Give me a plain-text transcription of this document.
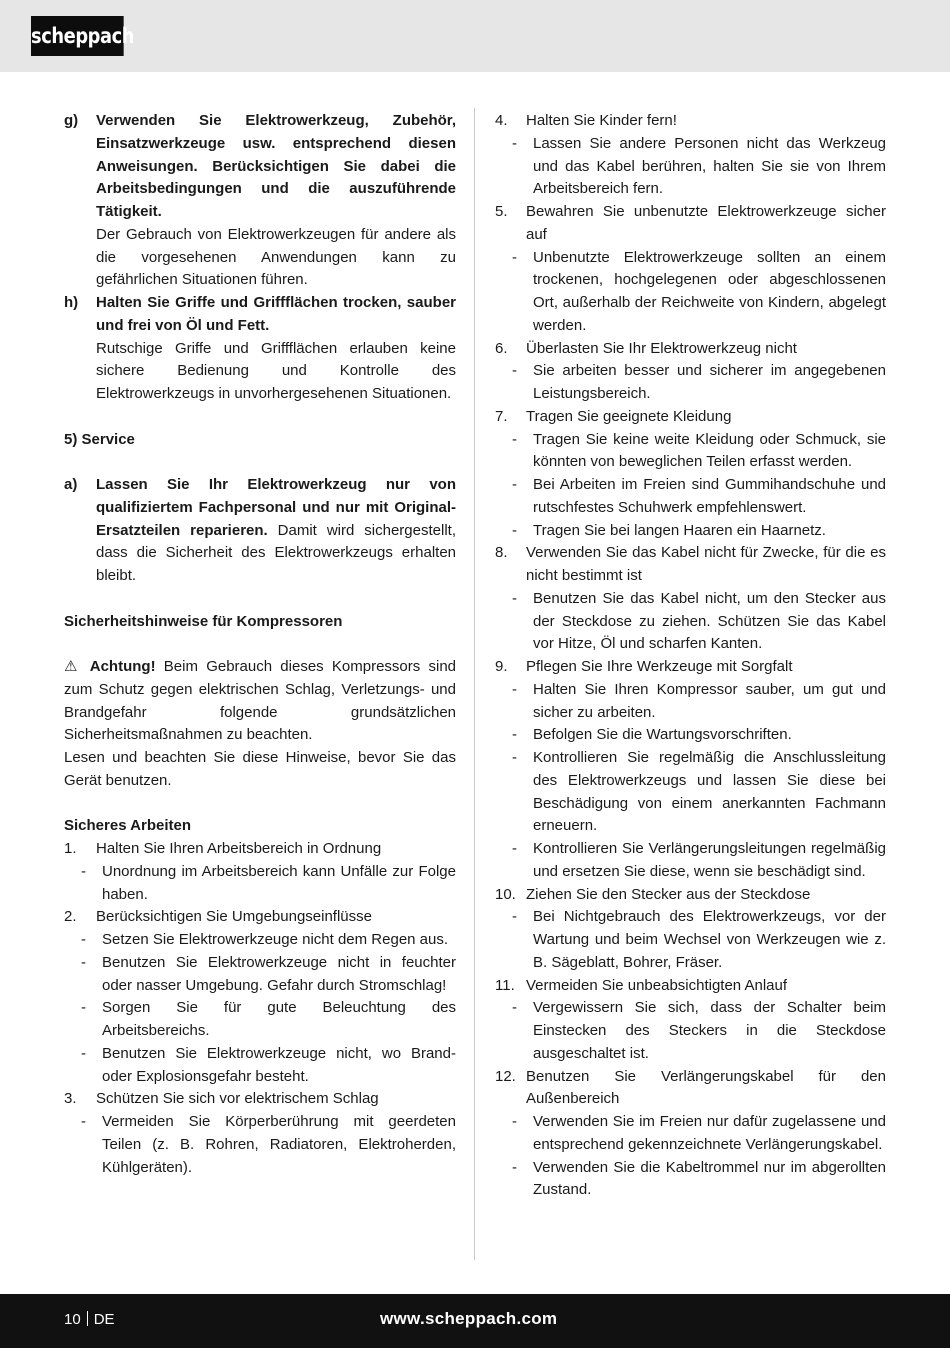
scheppach
g)	Verwenden Sie Elektrowerkzeug, Zubehör, Einsatzwerkzeuge usw. entsprechend diesen Anweisungen. Berücksichtigen Sie dabei die Arbeitsbedingungen und die auszuführende Tätigkeit.
Der Gebrauch von Elektrowerkzeugen für andere als die vorgesehenen Anwendungen kann zu gefährlichen Situationen führen.
h)	Halten Sie Griffe und Griffflächen trocken, sauber und frei von Öl und Fett.
Rutschige Griffe und Griffflächen erlauben keine sichere Bedienung und Kontrolle des Elektrowerkzeugs in unvorhergesehenen Situationen.
5) Service
a)	Lassen Sie Ihr Elektrowerkzeug nur von qualifiziertem Fachpersonal und nur mit Original-Ersatzteilen reparieren. Damit wird sichergestellt, dass die Sicherheit des Elektrowerkzeugs erhalten bleibt.
Sicherheitshinweise für Kompressoren
⚠ Achtung! Beim Gebrauch dieses Kompressors sind zum Schutz gegen elektrischen Schlag, Verletzungs- und Brandgefahr folgende grundsätzlichen Sicherheitsmaßnahmen zu beachten.
Lesen und beachten Sie diese Hinweise, bevor Sie das Gerät benutzen.
Sicheres Arbeiten
1.	Halten Sie Ihren Arbeitsbereich in Ordnung
-	Unordnung im Arbeitsbereich kann Unfälle zur Folge haben.
2.	Berücksichtigen Sie Umgebungseinflüsse
-	Setzen Sie Elektrowerkzeuge nicht dem Regen aus.
-	Benutzen Sie Elektrowerkzeuge nicht in feuchter oder nasser Umgebung. Gefahr durch Stromschlag!
-	Sorgen Sie für gute Beleuchtung des Arbeitsbereichs.
-	Benutzen Sie Elektrowerkzeuge nicht, wo Brand- oder Explosionsgefahr besteht.
3.	Schützen Sie sich vor elektrischem Schlag
-	Vermeiden Sie Körperberührung mit geerdeten Teilen (z. B. Rohren, Radiatoren, Elektroherden, Kühlgeräten).
4.	Halten Sie Kinder fern!
-	Lassen Sie andere Personen nicht das Werkzeug und das Kabel berühren, halten Sie sie von Ihrem Arbeitsbereich fern.
5.	Bewahren Sie unbenutzte Elektrowerkzeuge sicher auf
-	Unbenutzte Elektrowerkzeuge sollten an einem trockenen, hochgelegenen oder abgeschlossenen Ort, außerhalb der Reichweite von Kindern, abgelegt werden.
6.	Überlasten Sie Ihr Elektrowerkzeug nicht
-	Sie arbeiten besser und sicherer im angegebenen Leistungsbereich.
7.	Tragen Sie geeignete Kleidung
-	Tragen Sie keine weite Kleidung oder Schmuck, sie könnten von beweglichen Teilen erfasst werden.
-	Bei Arbeiten im Freien sind Gummihandschuhe und rutschfestes Schuhwerk empfehlenswert.
-	Tragen Sie bei langen Haaren ein Haarnetz.
8.	Verwenden Sie das Kabel nicht für Zwecke, für die es nicht bestimmt ist
-	Benutzen Sie das Kabel nicht, um den Stecker aus der Steckdose zu ziehen. Schützen Sie das Kabel vor Hitze, Öl und scharfen Kanten.
9.	Pflegen Sie Ihre Werkzeuge mit Sorgfalt
-	Halten Sie Ihren Kompressor sauber, um gut und sicher zu arbeiten.
-	Befolgen Sie die Wartungsvorschriften.
-	Kontrollieren Sie regelmäßig die Anschlussleitung des Elektrowerkzeugs und lassen Sie diese bei Beschädigung von einem anerkannten Fachmann erneuern.
-	Kontrollieren Sie Verlängerungsleitungen regelmäßig und ersetzen Sie diese, wenn sie beschädigt sind.
10. Ziehen Sie den Stecker aus der Steckdose
-	Bei Nichtgebrauch des Elektrowerkzeugs, vor der Wartung und beim Wechsel von Werkzeugen wie z. B. Sägeblatt, Bohrer, Fräser.
11. Vermeiden Sie unbeabsichtigten Anlauf
-	Vergewissern Sie sich, dass der Schalter beim Einstecken des Steckers in die Steckdose ausgeschaltet ist.
12. Benutzen Sie Verlängerungskabel für den Außenbereich
-	Verwenden Sie im Freien nur dafür zugelassene und entsprechend gekennzeichnete Verlängerungskabel.
-	Verwenden Sie die Kabeltrommel nur im abgerollten Zustand.
10 DE	www.scheppach.com
